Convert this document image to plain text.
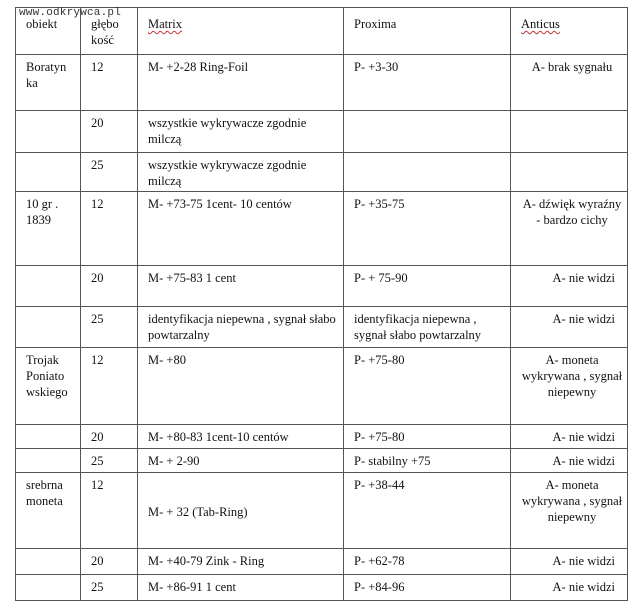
www.odkrywca.pl
obiekt	głębo kość	Matrix	Proxima	Anticus
Boratyn ka	12	M- +2-28 Ring-Foil	P- +3-30	A- brak sygnału
	20	wszystkie wykrywacze zgodnie milczą		
	25	wszystkie wykrywacze zgodnie milczą		
10 gr . 1839	12	M- +73-75 1cent- 10 centów	P- +35-75	A- dźwięk wyraźny - bardzo cichy
	20	M- +75-83 1 cent	P- + 75-90	A- nie widzi
	25	identyfikacja niepewna , sygnał słabo powtarzalny	identyfikacja niepewna , sygnał słabo powtarzalny	A- nie widzi
Trojak Poniato wskiego	12	M- +80	P- +75-80	A- moneta wykrywana , sygnał niepewny
	20	M- +80-83 1cent-10 centów	P- +75-80	A- nie widzi
	25	M- + 2-90	P- stabilny +75	A- nie widzi
srebrna moneta	12	M- + 32 (Tab-Ring)	P- +38-44	A- moneta wykrywana , sygnał niepewny
	20	M- +40-79 Zink - Ring	P- +62-78	A- nie widzi
	25	M- +86-91 1 cent	P- +84-96	A- nie widzi
